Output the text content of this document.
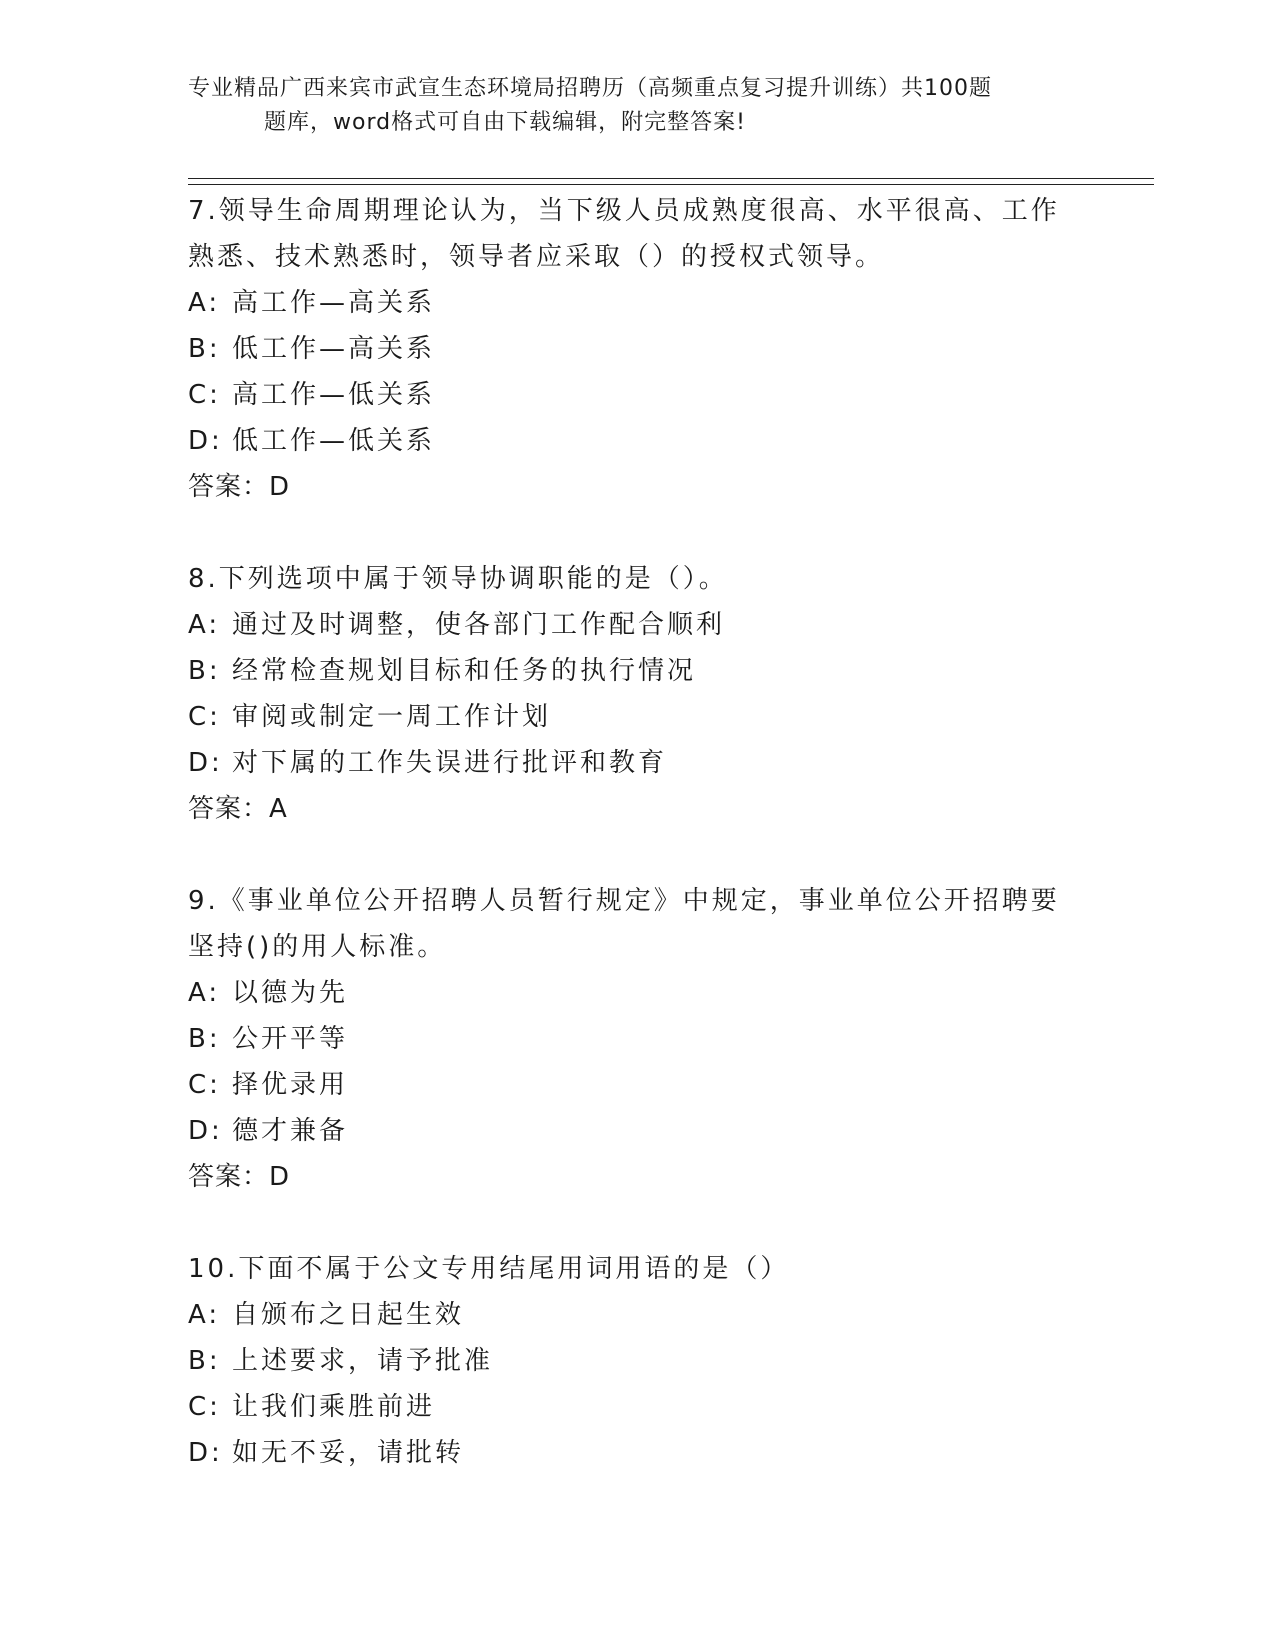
专业精品广西来宾市武宣生态环境局招聘历（高频重点复习提升训练）共100题
题库，word格式可自由下载编辑，附完整答案!
7.领导生命周期理论认为，当下级人员成熟度很高、水平很高、工作熟悉、技术熟悉时，领导者应采取（）的授权式领导。
A: 高工作—高关系
B: 低工作—高关系
C: 高工作—低关系
D: 低工作—低关系
答案：D
8.下列选项中属于领导协调职能的是（）。
A: 通过及时调整，使各部门工作配合顺利
B: 经常检查规划目标和任务的执行情况
C: 审阅或制定一周工作计划
D: 对下属的工作失误进行批评和教育
答案：A
9.《事业单位公开招聘人员暂行规定》中规定，事业单位公开招聘要坚持()的用人标准。
A: 以德为先
B: 公开平等
C: 择优录用
D: 德才兼备
答案：D
10.下面不属于公文专用结尾用词用语的是（）
A: 自颁布之日起生效
B: 上述要求，请予批准
C: 让我们乘胜前进
D: 如无不妥，请批转
